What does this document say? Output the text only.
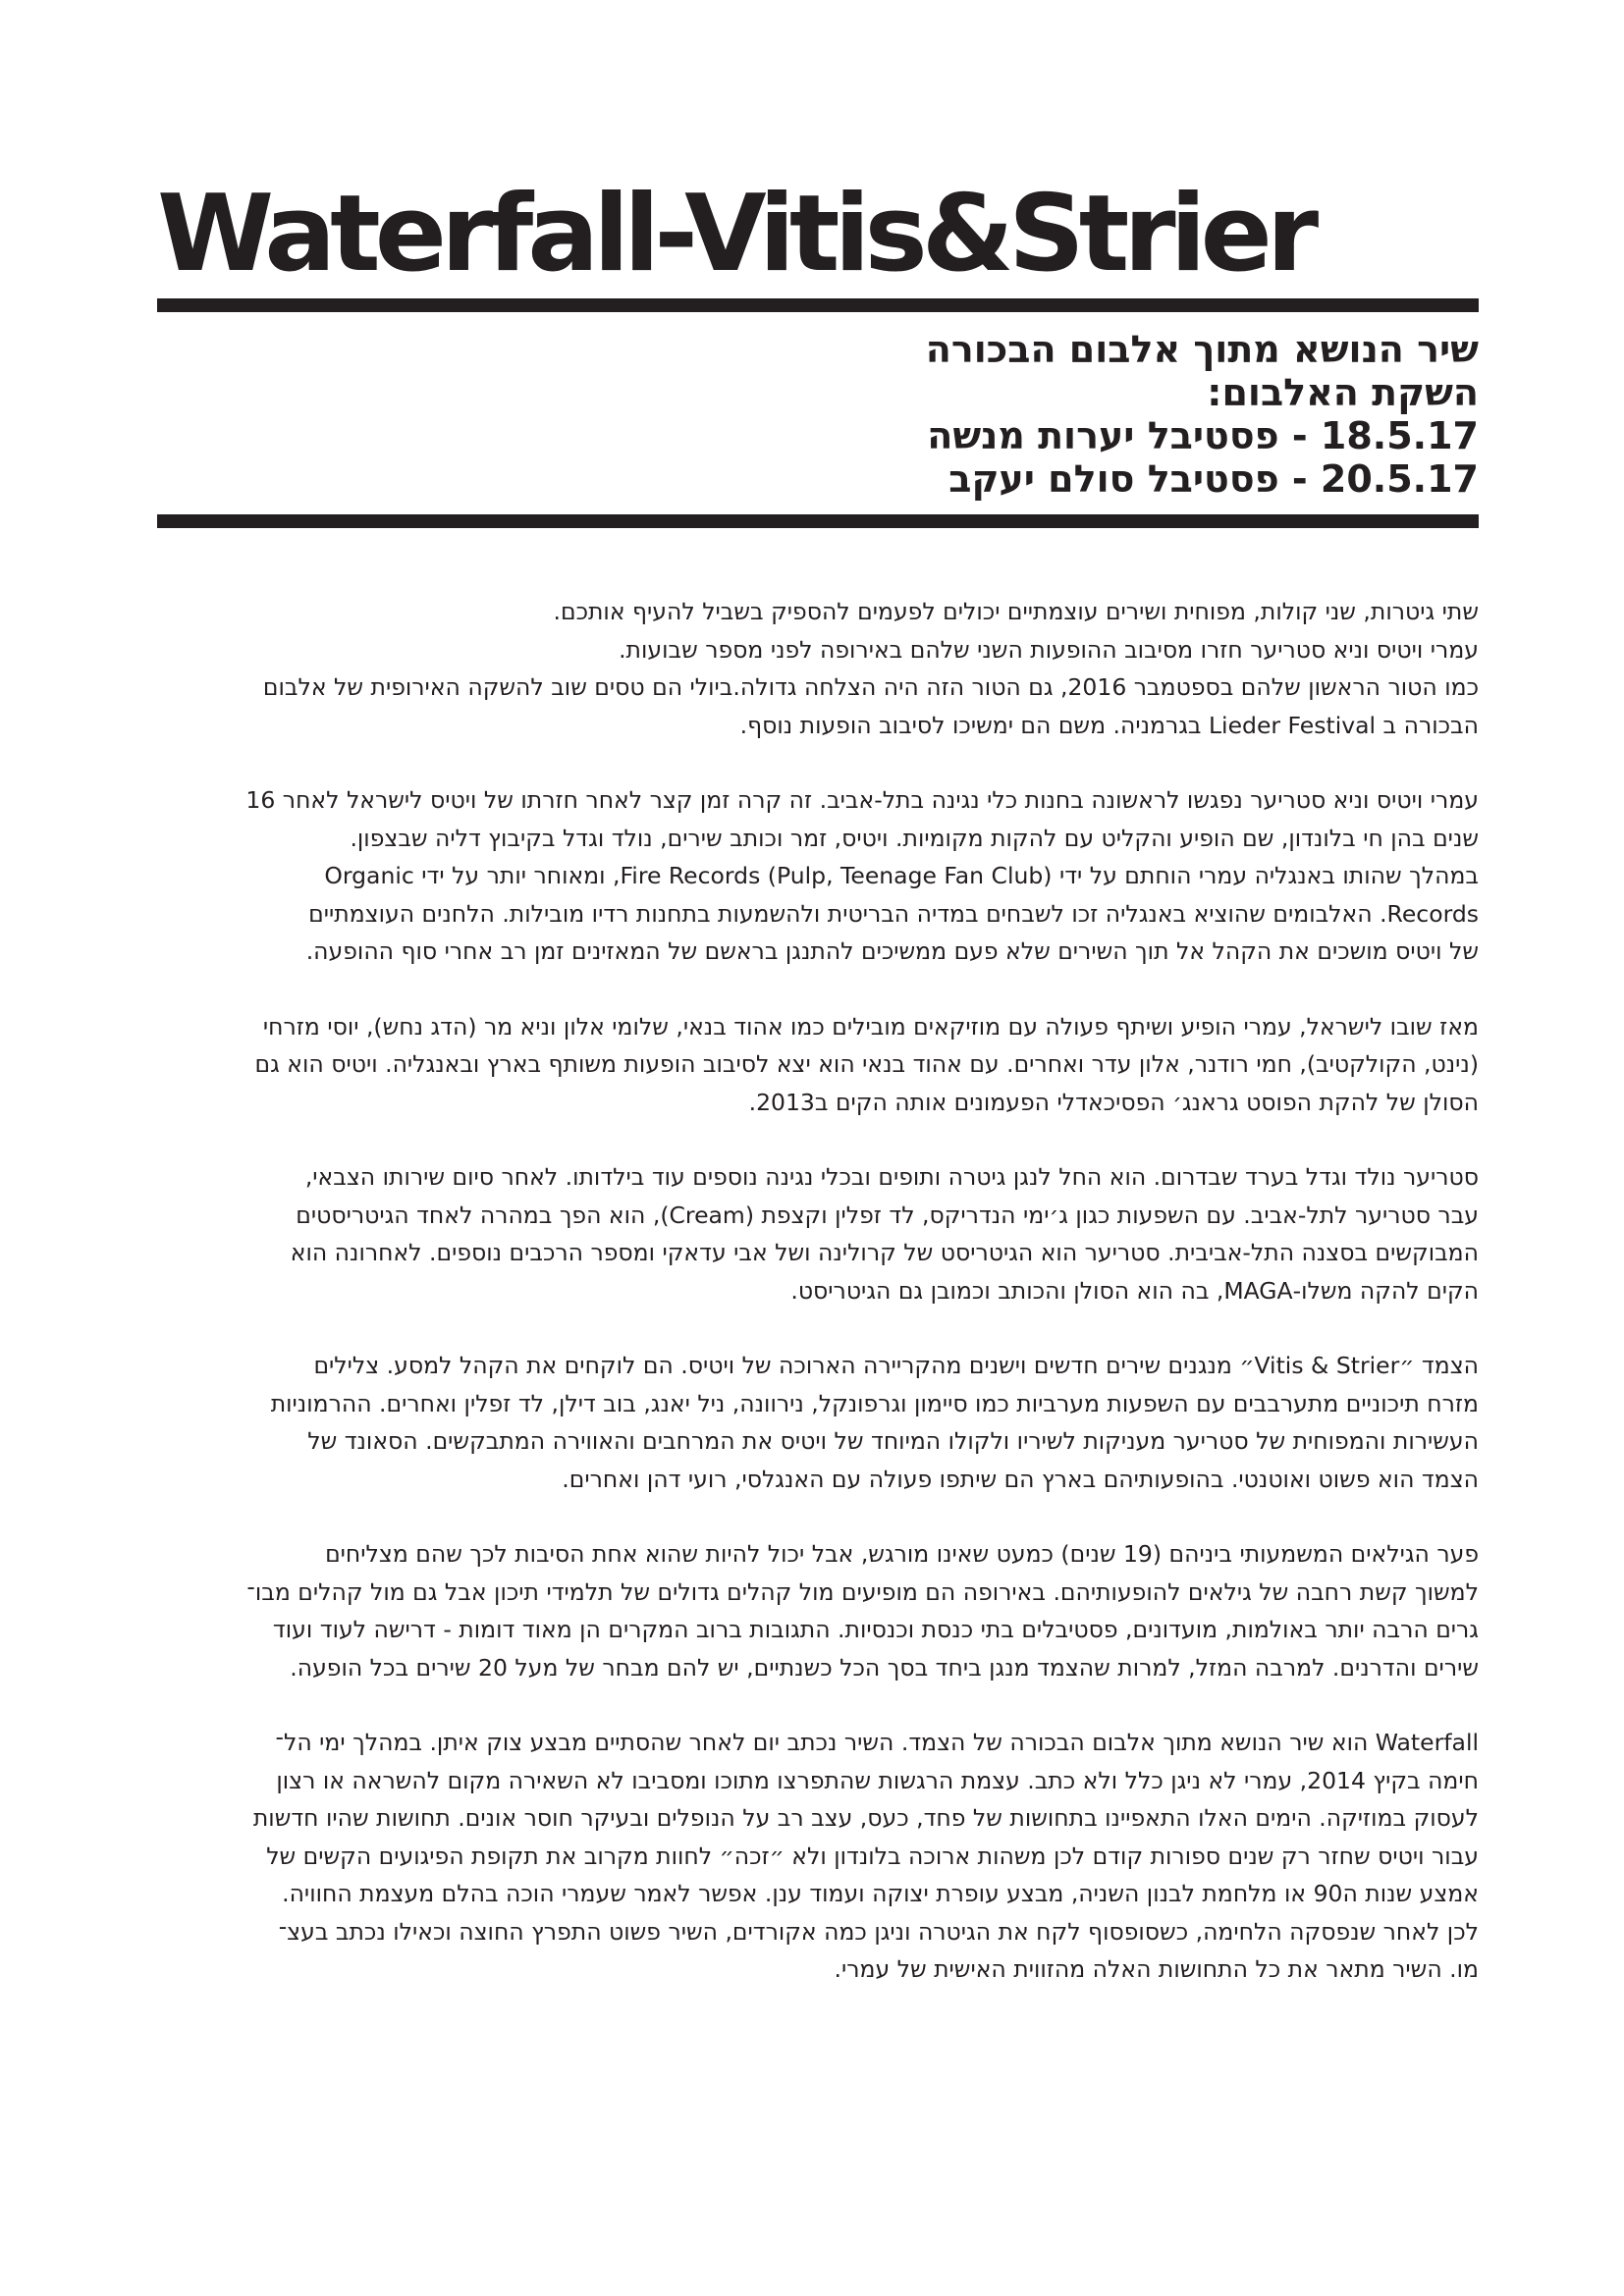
Waterfall-Vitis&Strier
שיר הנושא מתוך אלבום הבכורה
השקת האלבום:
18.5.17 - פסטיבל יערות מנשה
20.5.17 - פסטיבל סולם יעקב

שתי גיטרות, שני קולות, מפוחית ושירים עוצמתיים יכולים לפעמים להספיק בשביל להעיף אותכם.
עמרי ויטיס וניא סטריער חזרו מסיבוב ההופעות השני שלהם באירופה לפני מספר שבועות.
כמו הטור הראשון שלהם בספטמבר 2016, גם הטור הזה היה הצלחה גדולה.ביולי הם טסים שוב להשקה האירופית של אלבום
הבכורה ב Lieder Festival בגרמניה. משם הם ימשיכו לסיבוב הופעות נוסף.

עמרי ויטיס וניא סטריער נפגשו לראשונה בחנות כלי נגינה בתל-אביב. זה קרה זמן קצר לאחר חזרתו של ויטיס לישראל לאחר 16
שנים בהן חי בלונדון, שם הופיע והקליט עם להקות מקומיות. ויטיס, זמר וכותב שירים, נולד וגדל בקיבוץ דליה שבצפון.
במהלך שהותו באנגליה עמרי הוחתם על ידי Fire Records (Pulp, Teenage Fan Club), ומאוחר יותר על ידי Organic
Records. האלבומים שהוציא באנגליה זכו לשבחים במדיה הבריטית ולהשמעות בתחנות רדיו מובילות. הלחנים העוצמתיים
של ויטיס מושכים את הקהל אל תוך השירים שלא פעם ממשיכים להתנגן בראשם של המאזינים זמן רב אחרי סוף ההופעה.

מאז שובו לישראל, עמרי הופיע ושיתף פעולה עם מוזיקאים מובילים כמו אהוד בנאי, שלומי אלון וניא מר (הדג נחש), יוסי מזרחי
(נינט, הקולקטיב), חמי רודנר, אלון עדר ואחרים. עם אהוד בנאי הוא יצא לסיבוב הופעות משותף בארץ ובאנגליה. ויטיס הוא גם
הסולן של להקת הפוסט גראנג׳ הפסיכאדלי הפעמונים אותה הקים ב2013.

סטריער נולד וגדל בערד שבדרום. הוא החל לנגן גיטרה ותופים ובכלי נגינה נוספים עוד בילדותו. לאחר סיום שירותו הצבאי,
עבר סטריער לתל-אביב. עם השפעות כגון ג׳ימי הנדריקס, לד זפלין וקצפת (Cream), הוא הפך במהרה לאחד הגיטריסטים
המבוקשים בסצנה התל-אביבית. סטריער הוא הגיטריסט של קרולינה ושל אבי עדאקי ומספר הרכבים נוספים. לאחרונה הוא
הקים להקה משלו-MAGA, בה הוא הסולן והכותב וכמובן גם הגיטריסט.

הצמד ״Vitis & Strier״ מנגנים שירים חדשים וישנים מהקריירה הארוכה של ויטיס. הם לוקחים את הקהל למסע. צלילים
מזרח תיכוניים מתערבבים עם השפעות מערביות כמו סיימון וגרפונקל, נירוונה, ניל יאנג, בוב דילן, לד זפלין ואחרים. ההרמוניות
העשירות והמפוחית של סטריער מעניקות לשיריו ולקולו המיוחד של ויטיס את המרחבים והאווירה המתבקשים. הסאונד של
הצמד הוא פשוט ואוטנטי. בהופעותיהם בארץ הם שיתפו פעולה עם האנגלסי, רועי דהן ואחרים.

פער הגילאים המשמעותי ביניהם (19 שנים) כמעט שאינו מורגש, אבל יכול להיות שהוא אחת הסיבות לכך שהם מצליחים
למשוך קשת רחבה של גילאים להופעותיהם. באירופה הם מופיעים מול קהלים גדולים של תלמידי תיכון אבל גם מול קהלים מבו־
גרים הרבה יותר באולמות, מועדונים, פסטיבלים בתי כנסת וכנסיות. התגובות ברוב המקרים הן מאוד דומות - דרישה לעוד ועוד
שירים והדרנים. למרבה המזל, למרות שהצמד מנגן ביחד בסך הכל כשנתיים, יש להם מבחר של מעל 20 שירים בכל הופעה.

Waterfall הוא שיר הנושא מתוך אלבום הבכורה של הצמד. השיר נכתב יום לאחר שהסתיים מבצע צוק איתן. במהלך ימי הל־
חימה בקיץ 2014, עמרי לא ניגן כלל ולא כתב. עצמת הרגשות שהתפרצו מתוכו ומסביבו לא השאירה מקום להשראה או רצון
לעסוק במוזיקה. הימים האלו התאפיינו בתחושות של פחד, כעס, עצב רב על הנופלים ובעיקר חוסר אונים. תחושות שהיו חדשות
עבור ויטיס שחזר רק שנים ספורות קודם לכן משהות ארוכה בלונדון ולא ״זכה״ לחוות מקרוב את תקופת הפיגועים הקשים של
אמצע שנות ה90 או מלחמת לבנון השניה, מבצע עופרת יצוקה ועמוד ענן. אפשר לאמר שעמרי הוכה בהלם מעצמת החוויה.
לכן לאחר שנפסקה הלחימה, כשסופסוף לקח את הגיטרה וניגן כמה אקורדים, השיר פשוט התפרץ החוצה וכאילו נכתב בעצ־
מו. השיר מתאר את כל התחושות האלה מהזווית האישית של עמרי.
